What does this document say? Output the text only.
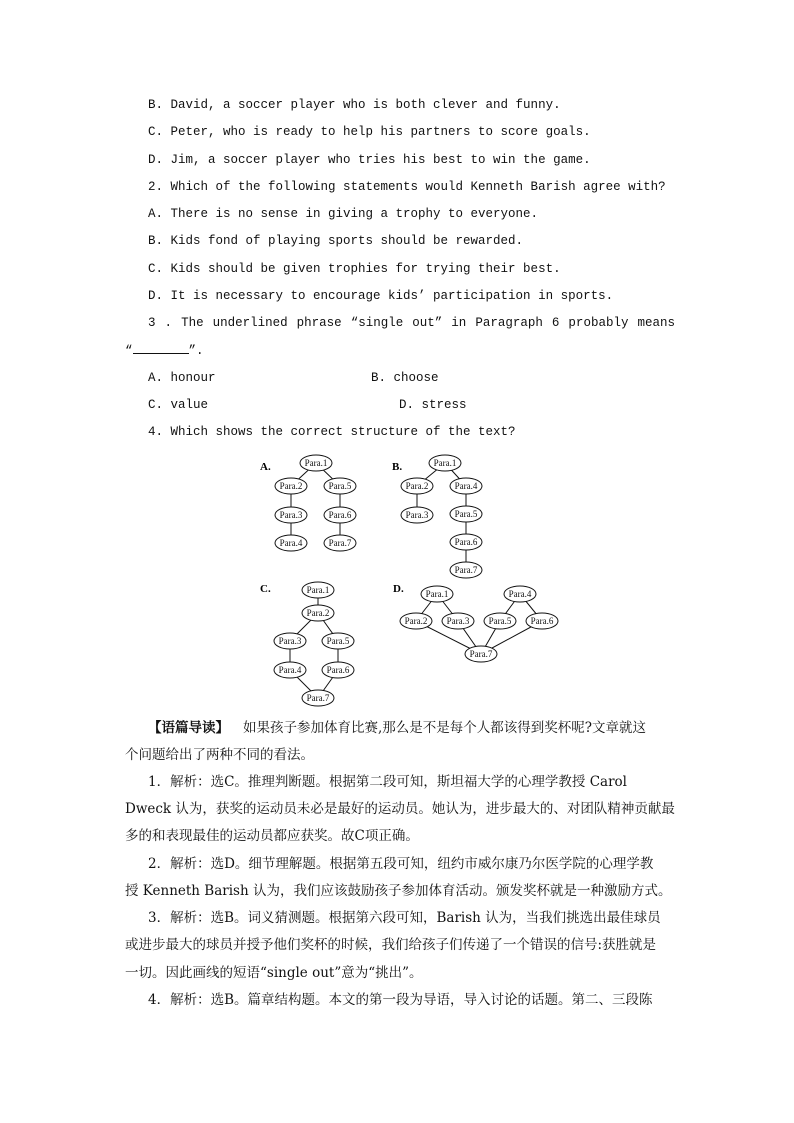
B. David, a soccer player who is both clever and funny.
C. Peter, who is ready to help his partners to score goals.
D. Jim, a soccer player who tries his best to win the game.
2. Which of the following statements would Kenneth Barish agree with?
A. There is no sense in giving a trophy to everyone.
B. Kids fond of playing sports should be rewarded.
C. Kids should be given trophies for trying their best.
D. It is necessary to encourage kids’ participation in sports.
3 . The underlined phrase “single out” in Paragraph 6 probably means
“	”.
A. honour	B. choose
C. value	D. stress
4. Which shows the correct structure of the text?
A.	Para.1
Para.2	Para.5
Para.3	Para.6
Para.4	Para.7
B.	Para.1
Para.2	Para.4
Para.3	Para.5
Para.6
Para.7
C.	Para.1
Para.2
Para.3	Para.5
Para.4	Para.6
Para.7
D. Para.1	Para.4
Para.2 Para.3 Para.5 Para.6
Para.7
【语篇导读】 如果孩子参加体育比赛,那么是不是每个人都该得到奖杯呢?文章就这
个问题给出了两种不同的看法。
1．解析：选C。推理判断题。根据第二段可知，斯坦福大学的心理学教授 Carol
Dweck 认为，获奖的运动员未必是最好的运动员。她认为，进步最大的、对团队精神贡献最
多的和表现最佳的运动员都应获奖。故C项正确。
2．解析：选D。细节理解题。根据第五段可知，纽约市威尔康乃尔医学院的心理学教
授 Kenneth Barish 认为，我们应该鼓励孩子参加体育活动。颁发奖杯就是一种激励方式。
3．解析：选B。词义猜测题。根据第六段可知，Barish 认为，当我们挑选出最佳球员
或进步最大的球员并授予他们奖杯的时候，我们给孩子们传递了一个错误的信号:获胜就是
一切。因此画线的短语“single out”意为“挑出”。
4．解析：选B。篇章结构题。本文的第一段为导语，导入讨论的话题。第二、三段陈
